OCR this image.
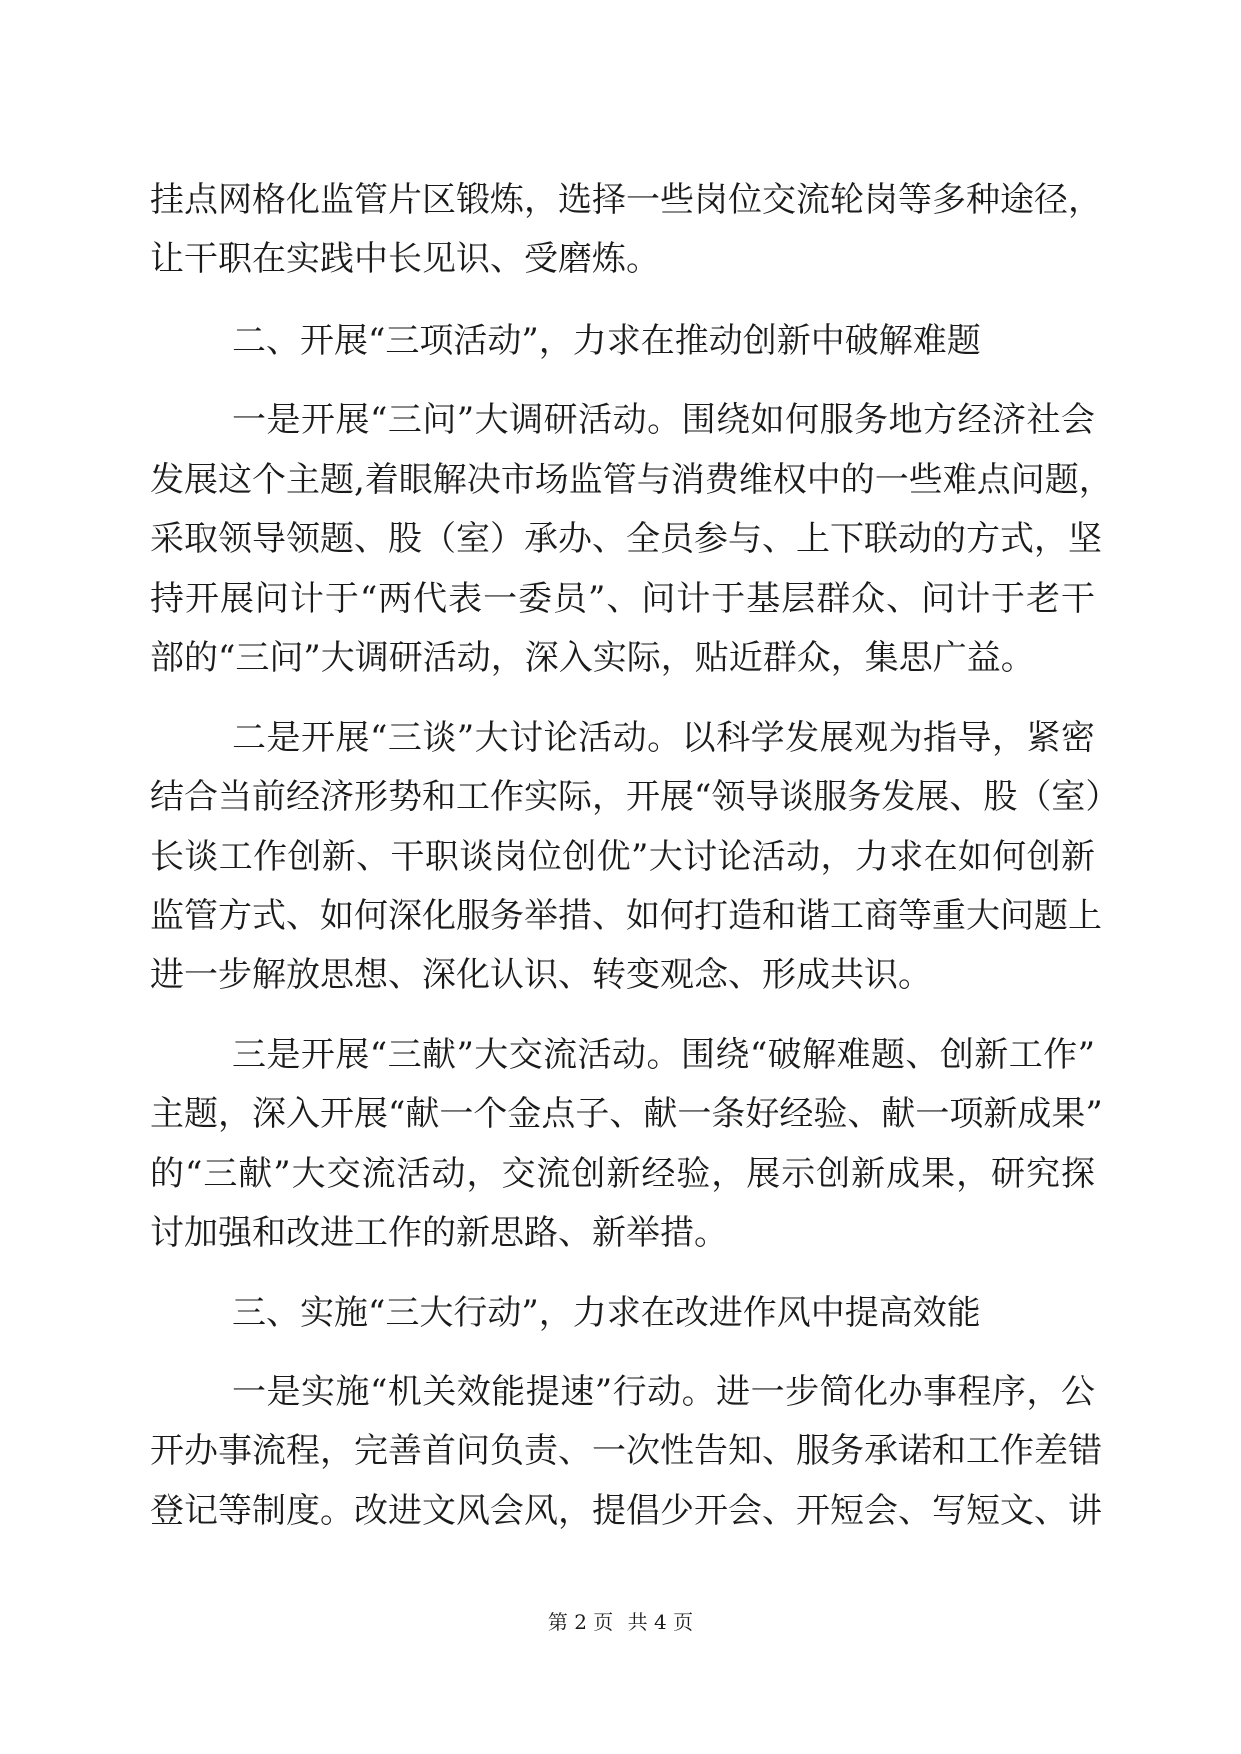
挂点网格化监管片区锻炼，选择一些岗位交流轮岗等多种途径，
让干职在实践中长见识、受磨炼。
二、开展“三项活动”，力求在推动创新中破解难题
一是开展“三问”大调研活动。围绕如何服务地方经济社会
发展这个主题,着眼解决市场监管与消费维权中的一些难点问题，
采取领导领题、股（室）承办、全员参与、上下联动的方式，坚
持开展问计于“两代表一委员”、问计于基层群众、问计于老干
部的“三问”大调研活动，深入实际，贴近群众，集思广益。
二是开展“三谈”大讨论活动。以科学发展观为指导，紧密
结合当前经济形势和工作实际，开展“领导谈服务发展、股（室）
长谈工作创新、干职谈岗位创优”大讨论活动，力求在如何创新
监管方式、如何深化服务举措、如何打造和谐工商等重大问题上
进一步解放思想、深化认识、转变观念、形成共识。
三是开展“三献”大交流活动。围绕“破解难题、创新工作”
主题，深入开展“献一个金点子、献一条好经验、献一项新成果”
的“三献”大交流活动，交流创新经验，展示创新成果，研究探
讨加强和改进工作的新思路、新举措。
三、实施“三大行动”，力求在改进作风中提高效能
一是实施“机关效能提速”行动。进一步简化办事程序，公
开办事流程，完善首问负责、一次性告知、服务承诺和工作差错
登记等制度。改进文风会风，提倡少开会、开短会、写短文、讲
第 2 页 共 4 页
